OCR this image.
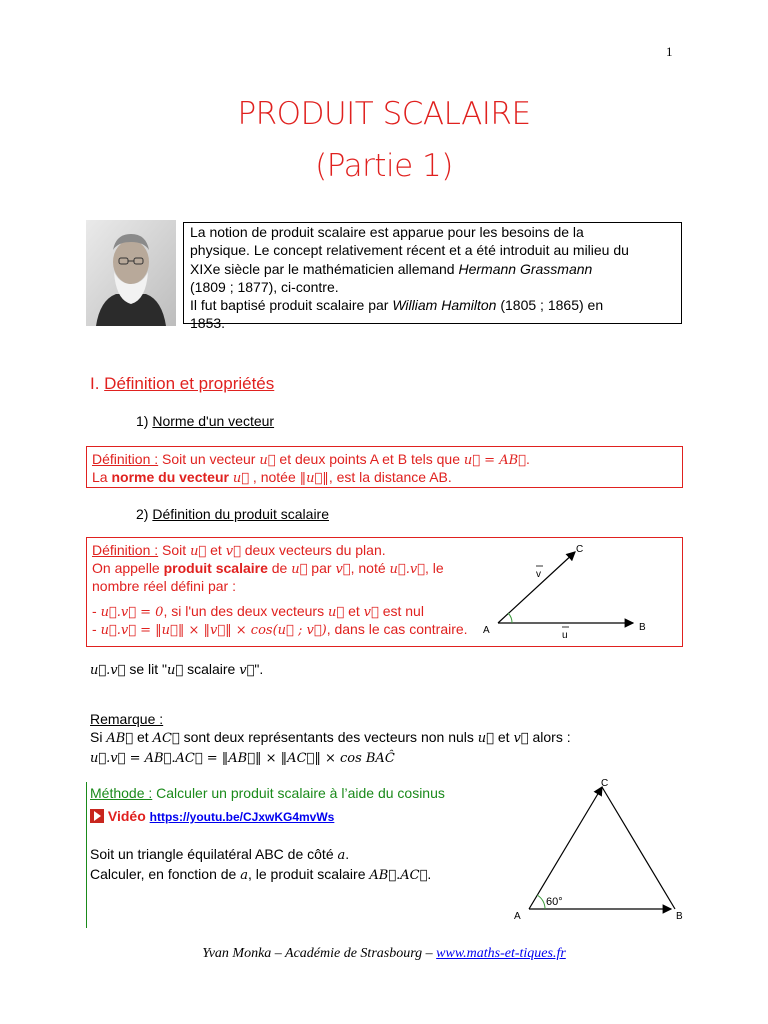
1
PRODUIT SCALAIRE
(Partie 1)

La notion de produit scalaire est apparue pour les besoins de la

physique. Le concept relativement récent et a été introduit au milieu du

XIXe siècle par le mathématicien allemand Hermann Grassmann

(1809 ; 1877), ci-contre.

Il fut baptisé produit scalaire par William Hamilton (1805 ; 1865) en

1853.

I. Définition et propriétés
1) Norme d'un vecteur
Définition : Soit un vecteur u⃗ et deux points A et B tels que u⃗ = AB⃗.
La norme du vecteur u⃗ , notée ‖u⃗‖, est la distance AB.
2) Définition du produit scalaire
Définition : Soit u⃗ et v⃗ deux vecteurs du plan.
On appelle produit scalaire de u⃗ par v⃗, noté u⃗.v⃗, le
nombre réel défini par :
- u⃗.v⃗ = 0, si l'un des deux vecteurs u⃗ et v⃗ est nul
- u⃗.v⃗ = ‖u⃗‖ × ‖v⃗‖ × cos(u⃗ ; v⃗), dans le cas contraire.	A	B
C
u
v
u⃗.v⃗ se lit "u⃗ scalaire v⃗".
Remarque :
Si AB⃗ et AC⃗ sont deux représentants des vecteurs non nuls u⃗ et v⃗ alors :
u⃗.v⃗ = AB⃗.AC⃗ = ‖AB⃗‖ × ‖AC⃗‖ × cos BAĈ
Méthode : Calculer un produit scalaire à l’aide du cosinus
Vidéo https://youtu.be/CJxwKG4mvWs
Soit un triangle équilatéral ABC de côté a.
Calculer, en fonction de a, le produit scalaire AB⃗.AC⃗.
60°
A	B
C
Yvan Monka – Académie de Strasbourg – www.maths-et-tiques.fr
